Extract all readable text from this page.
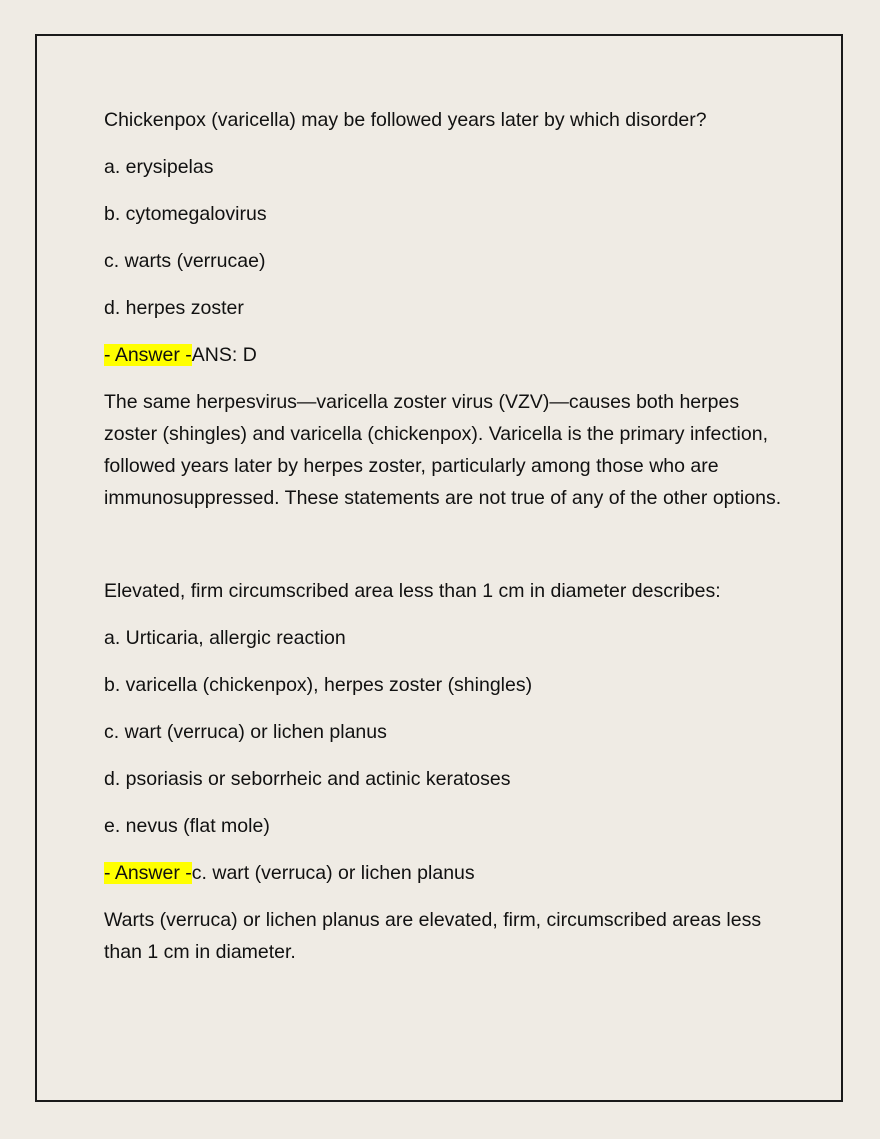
Chickenpox (varicella) may be followed years later by which disorder?
a. erysipelas
b. cytomegalovirus
c. warts (verrucae)
d. herpes zoster
- Answer -ANS: D
The same herpesvirus—varicella zoster virus (VZV)—causes both herpes zoster (shingles) and varicella (chickenpox). Varicella is the primary infection, followed years later by herpes zoster, particularly among those who are immunosuppressed. These statements are not true of any of the other options.
Elevated, firm circumscribed area less than 1 cm in diameter describes:
a. Urticaria, allergic reaction
b. varicella (chickenpox), herpes zoster (shingles)
c. wart (verruca) or lichen planus
d. psoriasis or seborrheic and actinic keratoses
e. nevus (flat mole)
- Answer -c. wart (verruca) or lichen planus
Warts (verruca) or lichen planus are elevated, firm, circumscribed areas less than 1 cm in diameter.
